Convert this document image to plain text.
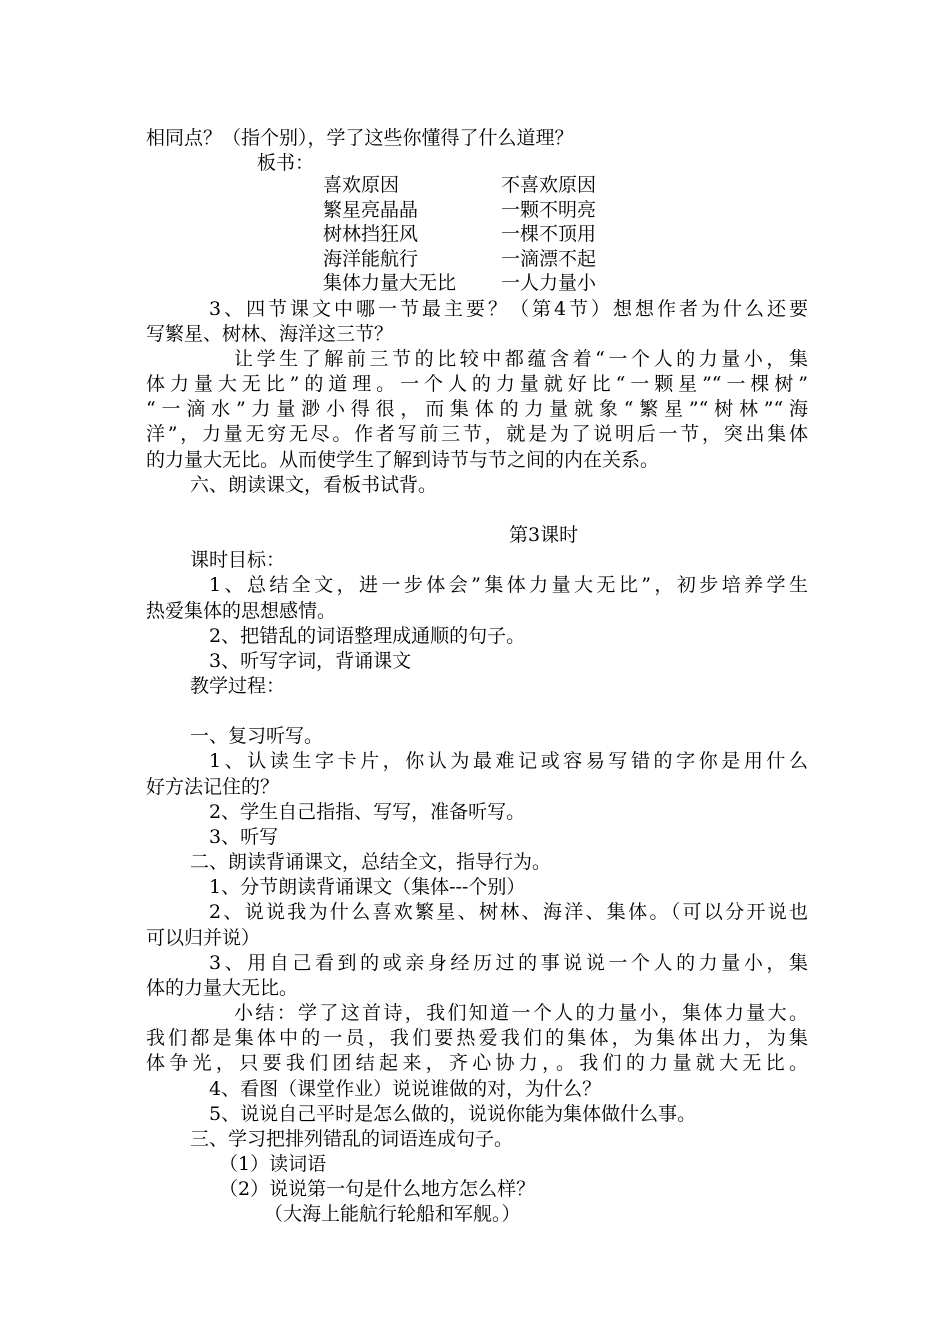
相同点？（指个别），学了这些你懂得了什么道理？
板书：
喜欢原因	不喜欢原因
繁星亮晶晶	一颗不明亮
树林挡狂风	一棵不顶用
海洋能航行	一滴漂不起
集体力量大无比 一人力量小
3、四节课文中哪一节最主要？（第4节）想想作者为什么还要
写繁星、树林、海洋这三节？
让学生了解前三节的比较中都蕴含着“一个人的力量小，集
体力量大无比”的道理。一个人的力量就好比“一颗星”“一棵树”
“一滴水”力量渺小得很，而集体的力量就象“繁星”“树林”“海
洋”，力量无穷无尽。作者写前三节，就是为了说明后一节，突出集体
的力量大无比。从而使学生了解到诗节与节之间的内在关系。
六、朗读课文，看板书试背。
第3课时
课时目标：
1、总结全文，进一步体会”集体力量大无比”，初步培养学生
热爱集体的思想感情。
2、把错乱的词语整理成通顺的句子。
3、听写字词，背诵课文
教学过程：
一、复习听写。
1、认读生字卡片，你认为最难记或容易写错的字你是用什么
好方法记住的？
2、学生自己指指、写写，准备听写。
3、听写
二、朗读背诵课文，总结全文，指导行为。
1、分节朗读背诵课文（集体---个别）
2、说说我为什么喜欢繁星、树林、海洋、集体。（可以分开说也
可以归并说）
3、用自己看到的或亲身经历过的事说说一个人的力量小，集
体的力量大无比。
小结：学了这首诗，我们知道一个人的力量小，集体力量大。
我们都是集体中的一员，我们要热爱我们的集体，为集体出力，为集
体争光，只要我们团结起来，齐心协力，。我们的力量就大无比。
4、看图（课堂作业）说说谁做的对，为什么？
5、说说自己平时是怎么做的，说说你能为集体做什么事。
三、学习把排列错乱的词语连成句子。
（1）读词语
（2）说说第一句是什么地方怎么样？
（大海上能航行轮船和军舰。）
